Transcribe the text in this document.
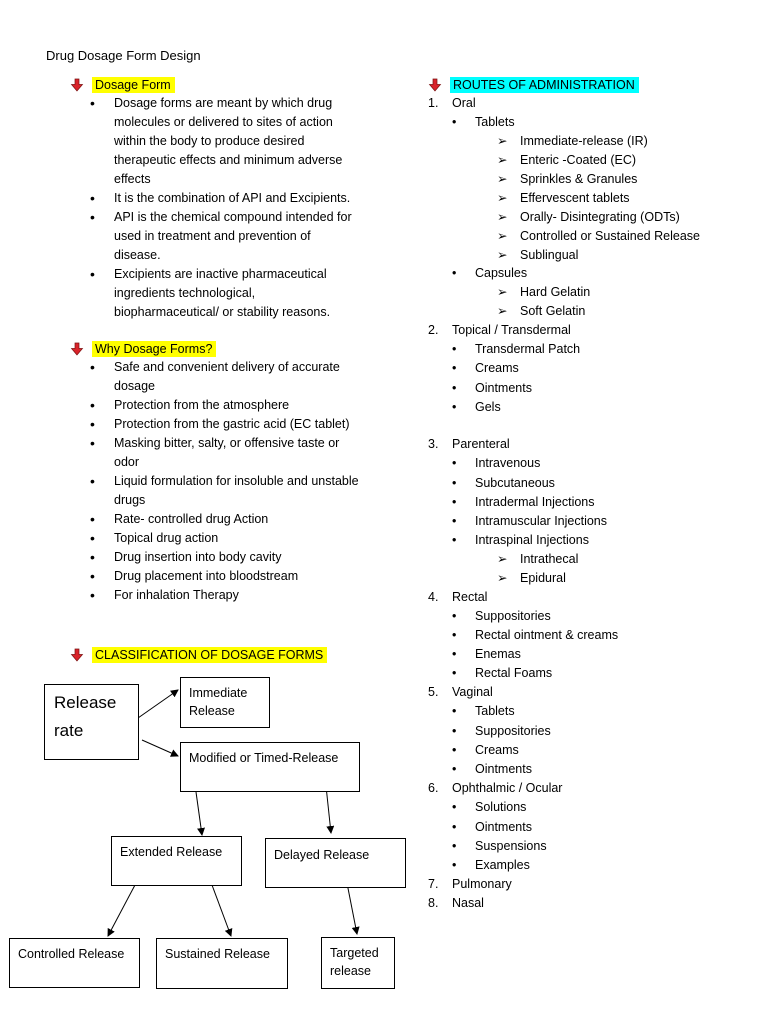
Drug Dosage Form Design
Dosage Form
• Dosage forms are meant by which drug molecules or delivered to sites of action within the body to produce desired therapeutic effects and minimum adverse effects
• It is the combination of API and Excipients.
• API is the chemical compound intended for used in treatment and prevention of disease.
• Excipients are inactive pharmaceutical ingredients technological, biopharmaceutical/ or stability reasons.
Why Dosage Forms?
• Safe and convenient delivery of accurate dosage
• Protection from the atmosphere
• Protection from the gastric acid (EC tablet)
• Masking bitter, salty, or offensive taste or odor
• Liquid formulation for insoluble and unstable drugs
• Rate- controlled drug Action
• Topical drug action
• Drug insertion into body cavity
• Drug placement into bloodstream
• For inhalation Therapy
CLASSIFICATION OF DOSAGE FORMS
Release rate
Immediate Release
Modified or Timed-Release
Extended Release	Delayed Release
Controlled Release	Sustained Release	Targeted release
ROUTES OF ADMINISTRATION
1. Oral
• Tablets
➢ Immediate-release (IR)
➢ Enteric -Coated (EC)
➢ Sprinkles & Granules
➢ Effervescent tablets
➢ Orally- Disintegrating (ODTs)
➢ Controlled or Sustained Release
➢ Sublingual
• Capsules
➢ Hard Gelatin
➢ Soft Gelatin
2. Topical / Transdermal
• Transdermal Patch
• Creams
• Ointments
• Gels
3. Parenteral
• Intravenous
• Subcutaneous
• Intradermal Injections
• Intramuscular Injections
• Intraspinal Injections
➢ Intrathecal
➢ Epidural
4. Rectal
• Suppositories
• Rectal ointment & creams
• Enemas
• Rectal Foams
5. Vaginal
• Tablets
• Suppositories
• Creams
• Ointments
6. Ophthalmic / Ocular
• Solutions
• Ointments
• Suspensions
• Examples
7. Pulmonary
8. Nasal
